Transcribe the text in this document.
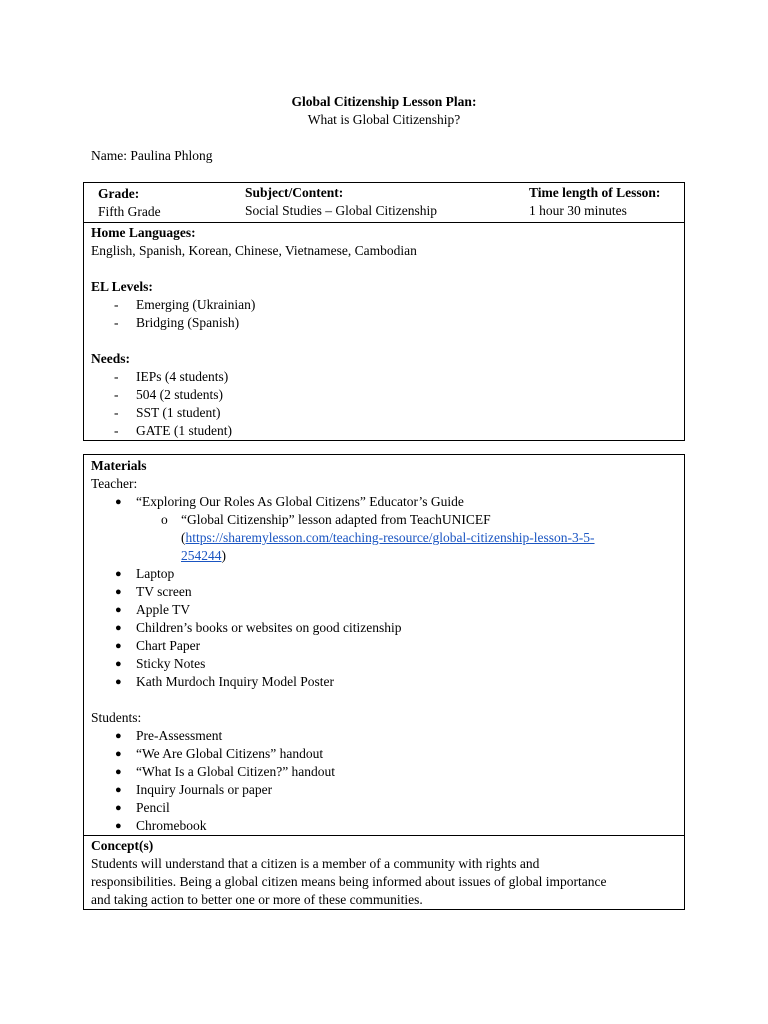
Global Citizenship Lesson Plan:
What is Global Citizenship?
Name: Paulina Phlong
Grade:
Fifth Grade

Subject/Content:
Social Studies – Global Citizenship

Time length of Lesson:
1 hour 30 minutes

Home Languages:
English, Spanish, Korean, Chinese, Vietnamese, Cambodian
EL Levels:
- Emerging (Ukrainian)
- Bridging (Spanish)
Needs:
- IEPs (4 students)
- 504 (2 students)
- SST (1 student)
- GATE (1 student)
Materials
Teacher:
● “Exploring Our Roles As Global Citizens” Educator’s Guide
o “Global Citizenship” lesson adapted from TeachUNICEF
(https://sharemylesson.com/teaching-resource/global-citizenship-lesson-3-5-
254244)
● Laptop
● TV screen
● Apple TV
● Children’s books or websites on good citizenship
● Chart Paper
● Sticky Notes
● Kath Murdoch Inquiry Model Poster
Students:
● Pre-Assessment
● “We Are Global Citizens” handout
● “What Is a Global Citizen?” handout
● Inquiry Journals or paper
● Pencil
● Chromebook

Concept(s)
Students will understand that a citizen is a member of a community with rights and
responsibilities. Being a global citizen means being informed about issues of global importance
and taking action to better one or more of these communities.
